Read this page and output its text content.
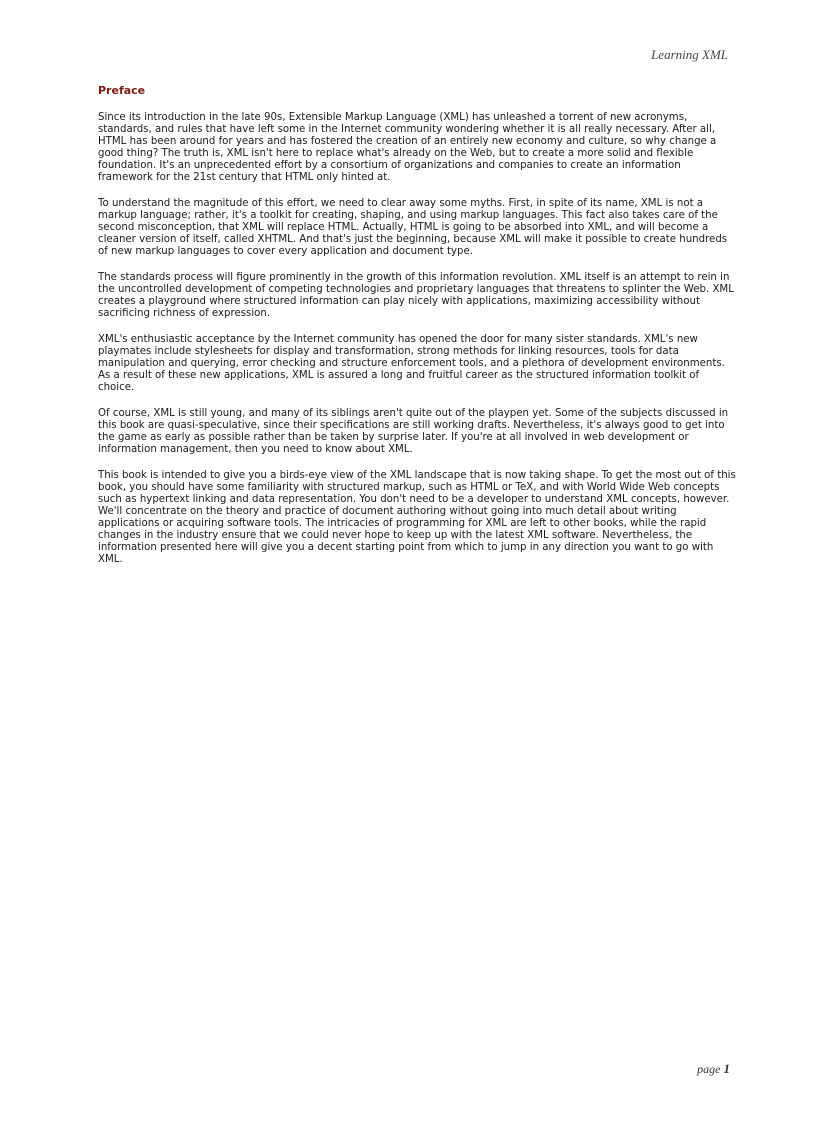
Learning XML
Preface

Since its introduction in the late 90s, Extensible Markup Language (XML) has unleashed a torrent of new acronyms, standards, and rules that have left some in the Internet community wondering whether it is all really necessary. After all, HTML has been around for years and has fostered the creation of an entirely new economy and culture, so why change a good thing? The truth is, XML isn't here to replace what's already on the Web, but to create a more solid and flexible foundation. It's an unprecedented effort by a consortium of organizations and companies to create an information framework for the 21st century that HTML only hinted at.

To understand the magnitude of this effort, we need to clear away some myths. First, in spite of its name, XML is not a markup language; rather, it's a toolkit for creating, shaping, and using markup languages. This fact also takes care of the second misconception, that XML will replace HTML. Actually, HTML is going to be absorbed into XML, and will become a cleaner version of itself, called XHTML. And that's just the beginning, because XML will make it possible to create hundreds of new markup languages to cover every application and document type.

The standards process will figure prominently in the growth of this information revolution. XML itself is an attempt to rein in the uncontrolled development of competing technologies and proprietary languages that threatens to splinter the Web. XML creates a playground where structured information can play nicely with applications, maximizing accessibility without sacrificing richness of expression.

XML's enthusiastic acceptance by the Internet community has opened the door for many sister standards. XML's new playmates include stylesheets for display and transformation, strong methods for linking resources, tools for data manipulation and querying, error checking and structure enforcement tools, and a plethora of development environments. As a result of these new applications, XML is assured a long and fruitful career as the structured information toolkit of choice.

Of course, XML is still young, and many of its siblings aren't quite out of the playpen yet. Some of the subjects discussed in this book are quasi-speculative, since their specifications are still working drafts. Nevertheless, it's always good to get into the game as early as possible rather than be taken by surprise later. If you're at all involved in web development or information management, then you need to know about XML.

This book is intended to give you a birds-eye view of the XML landscape that is now taking shape. To get the most out of this book, you should have some familiarity with structured markup, such as HTML or TeX, and with World Wide Web concepts such as hypertext linking and data representation. You don't need to be a developer to understand XML concepts, however. We'll concentrate on the theory and practice of document authoring without going into much detail about writing applications or acquiring software tools. The intricacies of programming for XML are left to other books, while the rapid changes in the industry ensure that we could never hope to keep up with the latest XML software. Nevertheless, the information presented here will give you a decent starting point from which to jump in any direction you want to go with XML.

page 1
